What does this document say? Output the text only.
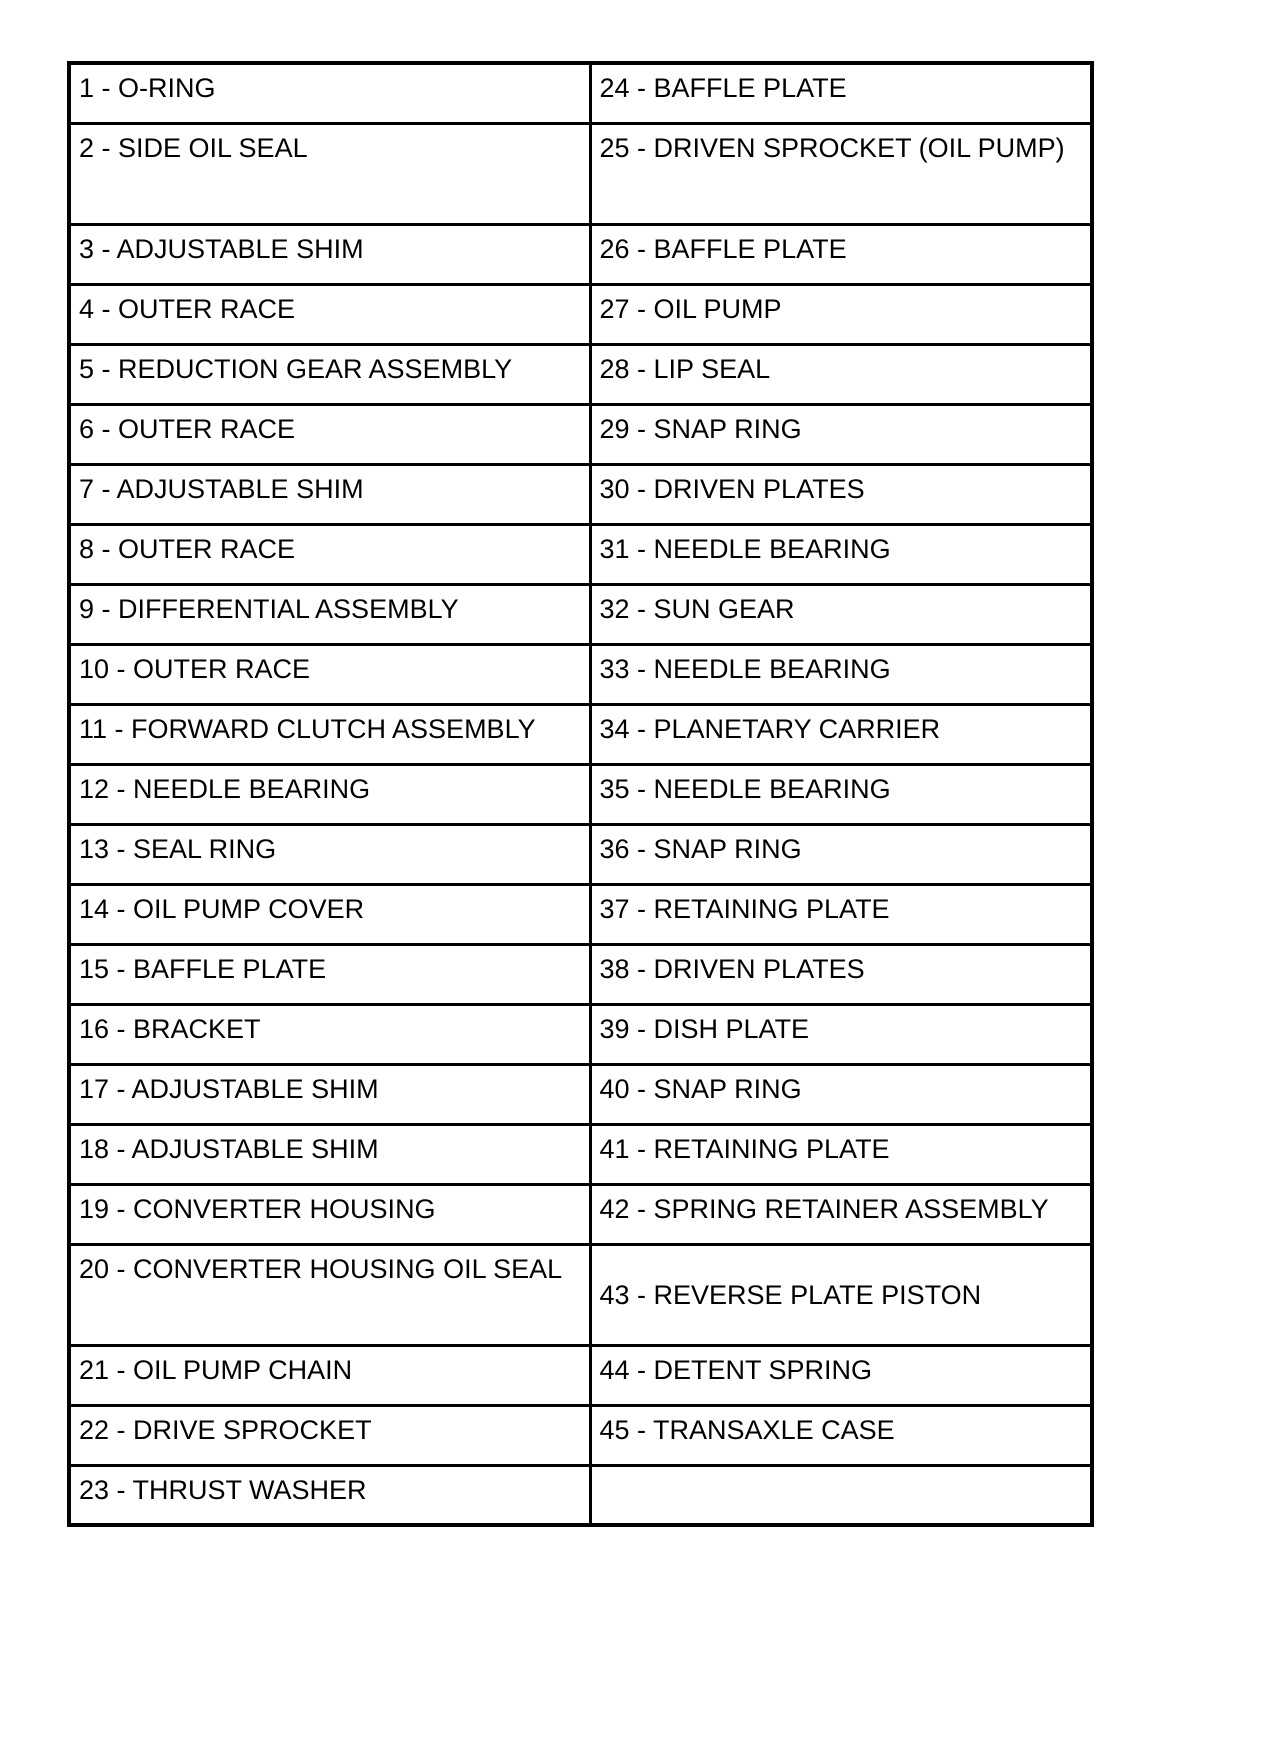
1 - O-RING	24 - BAFFLE PLATE
2 - SIDE OIL SEAL	25 - DRIVEN SPROCKET (OIL PUMP)
3 - ADJUSTABLE SHIM	26 - BAFFLE PLATE
4 - OUTER RACE	27 - OIL PUMP
5 - REDUCTION GEAR ASSEMBLY	28 - LIP SEAL
6 - OUTER RACE	29 - SNAP RING
7 - ADJUSTABLE SHIM	30 - DRIVEN PLATES
8 - OUTER RACE	31 - NEEDLE BEARING
9 - DIFFERENTIAL ASSEMBLY	32 - SUN GEAR
10 - OUTER RACE	33 - NEEDLE BEARING
11 - FORWARD CLUTCH ASSEMBLY	34 - PLANETARY CARRIER
12 - NEEDLE BEARING	35 - NEEDLE BEARING
13 - SEAL RING	36 - SNAP RING
14 - OIL PUMP COVER	37 - RETAINING PLATE
15 - BAFFLE PLATE	38 - DRIVEN PLATES
16 - BRACKET	39 - DISH PLATE
17 - ADJUSTABLE SHIM	40 - SNAP RING
18 - ADJUSTABLE SHIM	41 - RETAINING PLATE
19 - CONVERTER HOUSING	42 - SPRING RETAINER ASSEMBLY
20 - CONVERTER HOUSING OIL SEAL	43 - REVERSE PLATE PISTON
21 - OIL PUMP CHAIN	44 - DETENT SPRING
22 - DRIVE SPROCKET	45 - TRANSAXLE CASE
23 - THRUST WASHER	
